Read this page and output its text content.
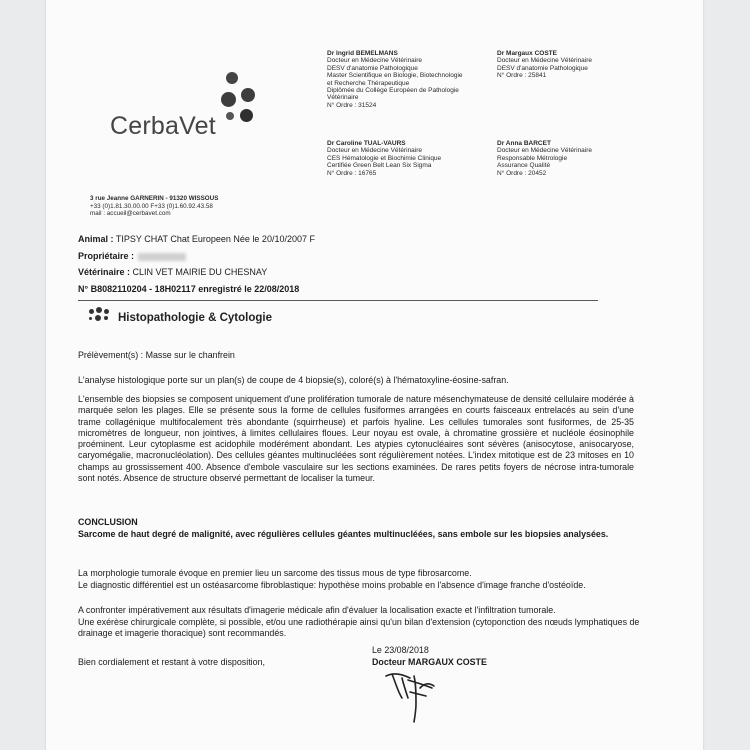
CerbaVet
Dr Ingrid BEMELMANS
Docteur en Médecine Vétérinaire
DESV d'anatomie Pathologique
Master Scientifique en Biologie, Biotechnologie
et Recherche Thérapeutique
Diplômée du Collège Européen de Pathologie
Vétérinaire
N° Ordre : 31524
Dr Margaux COSTE
Docteur en Médecine Vétérinaire
DESV d'anatomie Pathologique
N° Ordre : 25841
Dr Caroline TUAL-VAURS
Docteur en Médecine Vétérinaire
CES Hématologie et Biochimie Clinique
Certifiée Green Belt Lean Six Sigma
N° Ordre : 16765
Dr Anna BARCET
Docteur en Médecine Vétérinaire
Responsable Métrologie
Assurance Qualité
N° Ordre : 20452
3 rue Jeanne GARNERIN - 91320 WISSOUS
+33 (0)1.81.30.00.00 F+33 (0)1.60.92.43.58
mail : accueil@cerbavet.com
Animal : TIPSY CHAT Chat Europeen Née le 20/10/2007 F
Propriétaire :
Vétérinaire : CLIN VET MAIRIE DU CHESNAY
N° B8082110204 - 18H02117 enregistré le 22/08/2018
Histopathologie & Cytologie
Prélèvement(s) : Masse sur le chanfrein
L'analyse histologique porte sur un plan(s) de coupe de 4 biopsie(s), coloré(s) à l'hématoxyline-éosine-safran.
L'ensemble des biopsies se composent uniquement d'une prolifération tumorale de nature mésenchymateuse de densité cellulaire modérée à marquée selon les plages. Elle se présente sous la forme de cellules fusiformes arrangées en courts faisceaux entrelacés au sein d'une trame collagénique multifocalement très abondante (squirrheuse) et parfois hyaline. Les cellules tumorales sont fusiformes, de 25-35 micromètres de longueur, non jointives, à limites cellulaires floues. Leur noyau est ovale, à chromatine grossière et nucléole éosinophile proéminent. Leur cytoplasme est acidophile modérément abondant. Les atypies cytonucléaires sont sévères (anisocytose, anisocaryose, caryomégalie, macronucléolation). Des cellules géantes multinucléées sont régulièrement notées. L'index mitotique est de 23 mitoses en 10 champs au grossissement 400. Absence d'embole vasculaire sur les sections examinées. De rares petits foyers de nécrose intra-tumorale sont notés. Absence de structure observé permettant de localiser la tumeur.
CONCLUSION
Sarcome de haut degré de malignité, avec régulières cellules géantes multinucléées, sans embole sur les biopsies analysées.
La morphologie tumorale évoque en premier lieu un sarcome des tissus mous de type fibrosarcome.
Le diagnostic différentiel est un ostéasarcome fibroblastique: hypothèse moins probable en l'absence d'image franche d'ostéoïde.
A confronter impérativement aux résultats d'imagerie médicale afin d'évaluer la localisation exacte et l'infiltration tumorale.
Une exérèse chirurgicale complète, si possible, et/ou une radiothérapie ainsi qu'un bilan d'extension (cytoponction des nœuds lymphatiques de drainage et imagerie thoracique) sont recommandés.
Le 23/08/2018
Bien cordialement et restant à votre disposition,	Docteur MARGAUX COSTE
